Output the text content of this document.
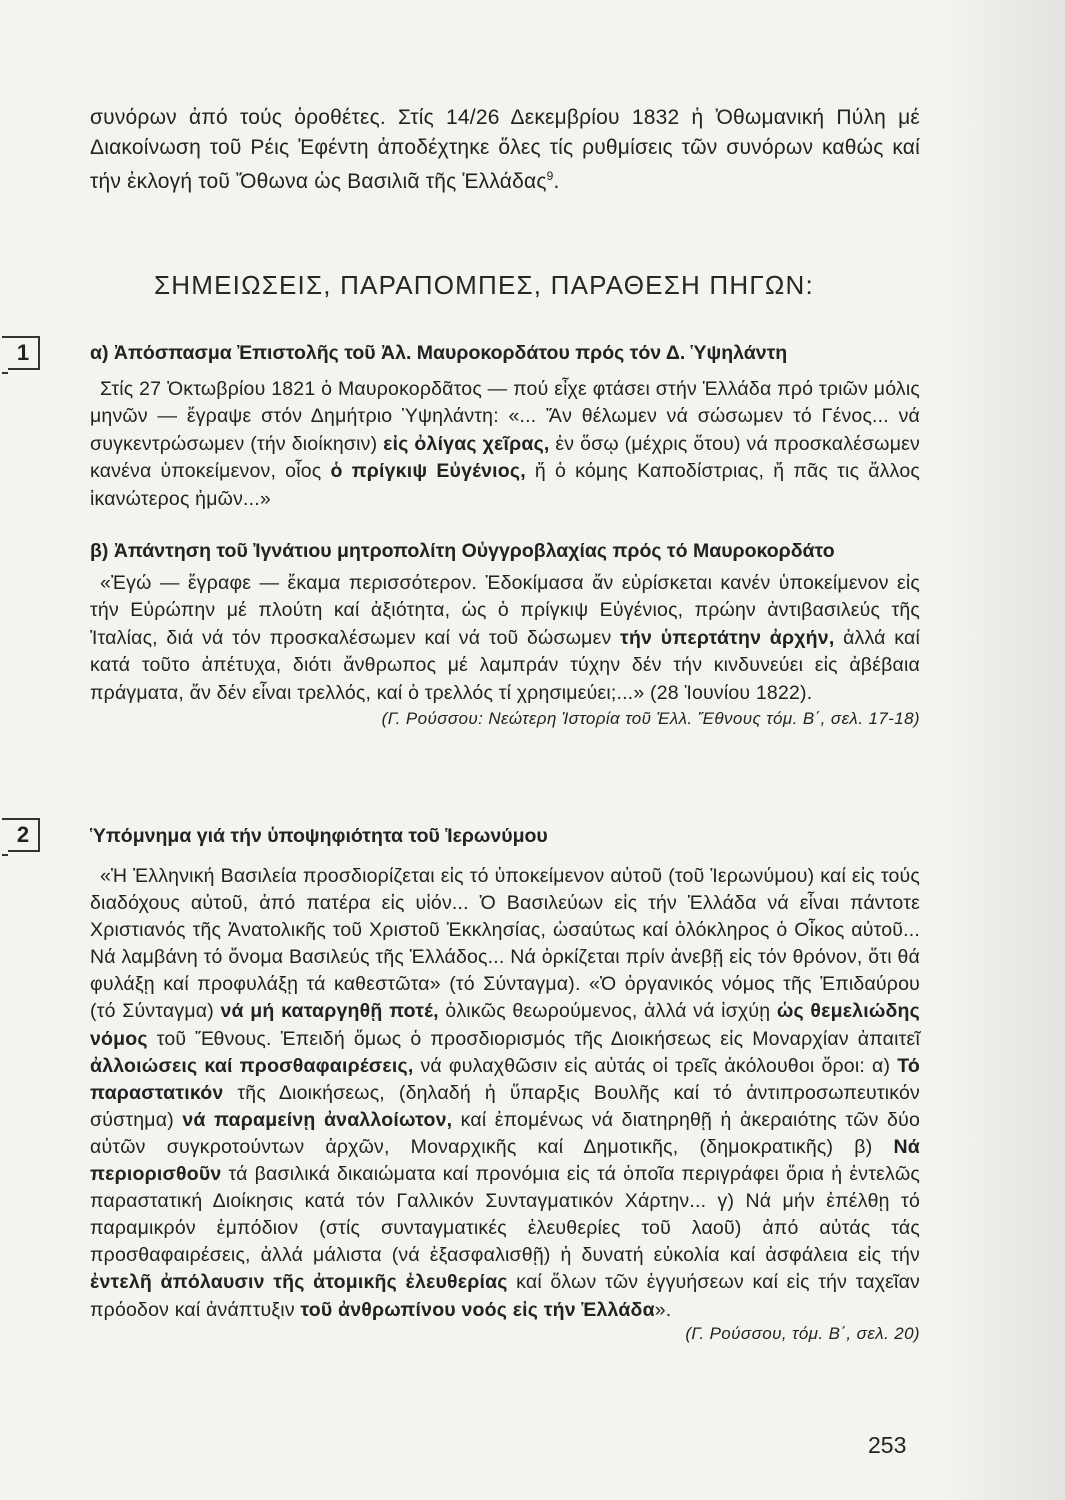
συνόρων ἀπό τούς ὁροθέτες. Στίς 14/26 Δεκεμβρίου 1832 ἡ Ὀθωμανική Πύλη μέ Διακοίνωση τοῦ Ρέις Ἐφέντη ἀποδέχτηκε ὅλες τίς ρυθμίσεις τῶν συνόρων καθώς καί τήν ἐκλογή τοῦ Ὄθωνα ὡς Βασιλιᾶ τῆς Ἑλλάδας$^9$.

ΣΗΜΕΙΩΣΕΙΣ, ΠΑΡΑΠΟΜΠΕΣ, ΠΑΡΑΘΕΣΗ ΠΗΓΩΝ:
1	α) Ἀπόσπασμα Ἐπιστολῆς τοῦ Ἀλ. Μαυροκορδάτου πρός τόν Δ. Ὑψηλάντη

Στίς 27 Ὀκτωβρίου 1821 ὁ Μαυροκορδᾶτος — πού εἶχε φτάσει στήν Ἑλλάδα πρό τριῶν μόλις μηνῶν — ἔγραψε στόν Δημήτριο Ὑψηλάντη: «... Ἄν θέλωμεν νά σώσωμεν τό Γένος... νά συγκεντρώσωμεν (τήν διοίκησιν) εἰς ὀλίγας χεῖρας, ἐν ὅσῳ (μέχρις ὅτου) νά προσκαλέσωμεν κανένα ὑποκείμενον, οἷος ὁ πρίγκιψ Εὐγένιος, ἤ ὁ κόμης Καποδίστριας, ἤ πᾶς τις ἄλλος ἱκανώτερος ἡμῶν...»

β) Ἀπάντηση τοῦ Ἰγνάτιου μητροπολίτη Οὐγγροβλαχίας πρός τό Μαυροκορδάτο

«Ἐγώ — ἔγραφε — ἔκαμα περισσότερον. Ἐδοκίμασα ἄν εὑρίσκεται κανέν ὑποκείμενον εἰς τήν Εὐρώπην μέ πλούτη καί ἀξιότητα, ὡς ὁ πρίγκιψ Εὐγένιος, πρώην ἀντιβασιλεύς τῆς Ἰταλίας, διά νά τόν προσκαλέσωμεν καί νά τοῦ δώσωμεν τήν ὑπερτάτην ἀρχήν, ἀλλά καί κατά τοῦτο ἀπέτυχα, διότι ἄνθρωπος μέ λαμπράν τύχην δέν τήν κινδυνεύει εἰς ἀβέβαια πράγματα, ἄν δέν εἶναι τρελλός, καί ὁ τρελλός τί χρησιμεύει;...» (28 Ἰουνίου 1822).

(Γ. Ρούσσου: Νεώτερη Ἱστορία τοῦ Ἑλλ. Ἔθνους τόμ. Β΄, σελ. 17-18)
2	Ὑπόμνημα γιά τήν ὑποψηφιότητα τοῦ Ἱερωνύμου

«Ἡ Ἑλληνική Βασιλεία προσδιορίζεται εἰς τό ὑποκείμενον αὐτοῦ (τοῦ Ἱερωνύμου) καί εἰς τούς διαδόχους αὐτοῦ, ἀπό πατέρα εἰς υἱόν... Ὁ Βασιλεύων εἰς τήν Ἑλλάδα νά εἶναι πάντοτε Χριστιανός τῆς Ἀνατολικῆς τοῦ Χριστοῦ Ἐκκλησίας, ὡσαύτως καί ὁλόκληρος ὁ Οἶκος αὐτοῦ... Νά λαμβάνη τό ὄνομα Βασιλεύς τῆς Ἑλλάδος... Νά ὁρκίζεται πρίν ἀνεβῇ εἰς τόν θρόνον, ὅτι θά φυλάξῃ καί προφυλάξῃ τά καθεστῶτα» (τό Σύνταγμα). «Ὁ ὀργανικός νόμος τῆς Ἐπιδαύρου (τό Σύνταγμα) νά μή καταργηθῇ ποτέ, ὁλικῶς θεωρούμενος, ἀλλά νά ἰσχύῃ ὡς θεμελιώδης νόμος τοῦ Ἔθνους. Ἐπειδή ὅμως ὁ προσδιορισμός τῆς Διοικήσεως εἰς Μοναρχίαν ἀπαιτεῖ ἀλλοιώσεις καί προσθαφαιρέσεις, νά φυλαχθῶσιν εἰς αὐτάς οἱ τρεῖς ἀκόλουθοι ὅροι: α) Τό παραστατικόν τῆς Διοικήσεως, (δηλαδή ἡ ὕπαρξις Βουλῆς καί τό ἀντιπροσωπευτικόν σύστημα) νά παραμείνῃ ἀναλλοίωτον, καί ἐπομένως νά διατηρηθῇ ἡ ἀκεραιότης τῶν δύο αὐτῶν συγκροτούντων ἀρχῶν, Μοναρχικῆς καί Δημοτικῆς, (δημοκρατικῆς) β) Νά περιορισθοῦν τά βασιλικά δικαιώματα καί προνόμια εἰς τά ὁποῖα περιγράφει ὅρια ἡ ἐντελῶς παραστατική Διοίκησις κατά τόν Γαλλικόν Συνταγματικόν Χάρτην... γ) Νά μήν ἐπέλθῃ τό παραμικρόν ἐμπόδιον (στίς συνταγματικές ἐλευθερίες τοῦ λαοῦ) ἀπό αὐτάς τάς προσθαφαιρέσεις, ἀλλά μάλιστα (νά ἐξασφαλισθῇ) ἡ δυνατή εὐκολία καί ἀσφάλεια εἰς τήν ἐντελῆ ἀπόλαυσιν τῆς ἀτομικῆς ἐλευθερίας καί ὅλων τῶν ἐγγυήσεων καί εἰς τήν ταχεῖαν πρόοδον καί ἀνάπτυξιν τοῦ ἀνθρωπίνου νοός εἰς τήν Ἑλλάδα».

(Γ. Ρούσσου, τόμ. Β΄, σελ. 20)
253
